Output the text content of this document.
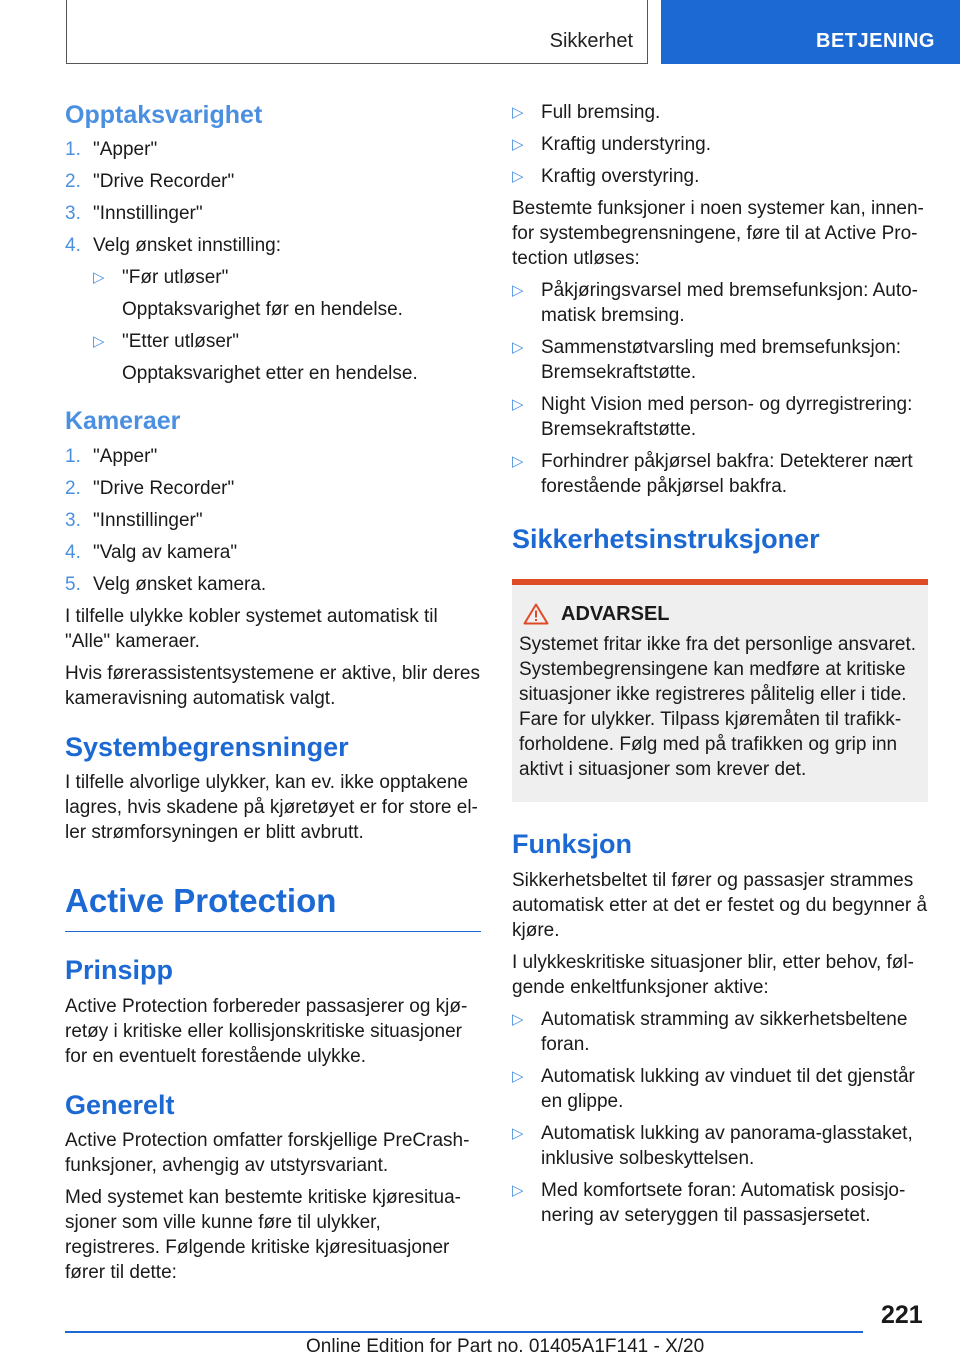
Sikkerhet	BETJENING
Opptaksvarighet
1. "Apper"
2. "Drive Recorder"
3. "Innstillinger"
4. Velg ønsket innstilling:
▷ "Før utløser"
Opptaksvarighet før en hendelse.
▷ "Etter utløser"
Opptaksvarighet etter en hendelse.
Kameraer
1. "Apper"
2. "Drive Recorder"
3. "Innstillinger"
4. "Valg av kamera"
5. Velg ønsket kamera.

I tilfelle ulykke kobler systemet automatisk til "Alle" kameraer.

Hvis førerassistentsystemene er aktive, blir deres kameravisning automatisk valgt.

Systembegrensninger

I tilfelle alvorlige ulykker, kan ev. ikke opptakene lagres, hvis skadene på kjøretøyet er for store el-ler strømforsyningen er blitt avbrutt.

Active Protection
Prinsipp

Active Protection forbereder passasjerer og kjø-retøy i kritiske eller kollisjonskritiske situasjoner for en eventuelt forestående ulykke.

Generelt

Active Protection omfatter forskjellige PreCrash-funksjoner, avhengig av utstyrsvariant.

Med systemet kan bestemte kritiske kjøresitua-sjoner som ville kunne føre til ulykker, registreres. Følgende kritiske kjøresituasjoner fører til dette:

▷ Full bremsing.
▷ Kraftig understyring.
▷ Kraftig overstyring.

Bestemte funksjoner i noen systemer kan, innen-for systembegrensningene, føre til at Active Pro-tection utløses:

▷ Påkjøringsvarsel med bremsefunksjon: Auto-matisk bremsing.
▷ Sammenstøtvarsling med bremsefunksjon: Bremsekraftstøtte.
▷ Night Vision med person- og dyrregistrering: Bremsekraftstøtte.
▷ Forhindrer påkjørsel bakfra: Detekterer nært forestående påkjørsel bakfra.
Sikkerhetsinstruksjoner
ADVARSEL

Systemet fritar ikke fra det personlige ansvaret. Systembegrensingene kan medføre at kritiske situasjoner ikke registreres pålitelig eller i tide. Fare for ulykker. Tilpass kjøremåten til trafikk-forholdene. Følg med på trafikken og grip inn aktivt i situasjoner som krever det.

Funksjon

Sikkerhetsbeltet til fører og passasjer strammes automatisk etter at det er festet og du begynner å kjøre.

I ulykkeskritiske situasjoner blir, etter behov, føl-gende enkeltfunksjoner aktive:

▷ Automatisk stramming av sikkerhetsbeltene foran.
▷ Automatisk lukking av vinduet til det gjenstår en glippe.
▷ Automatisk lukking av panorama-glasstaket, inklusive solbeskyttelsen.
▷ Med komfortsete foran: Automatisk posisjo-nering av seteryggen til passasjersetet.
221
Online Edition for Part no. 01405A1F141 - X/20
